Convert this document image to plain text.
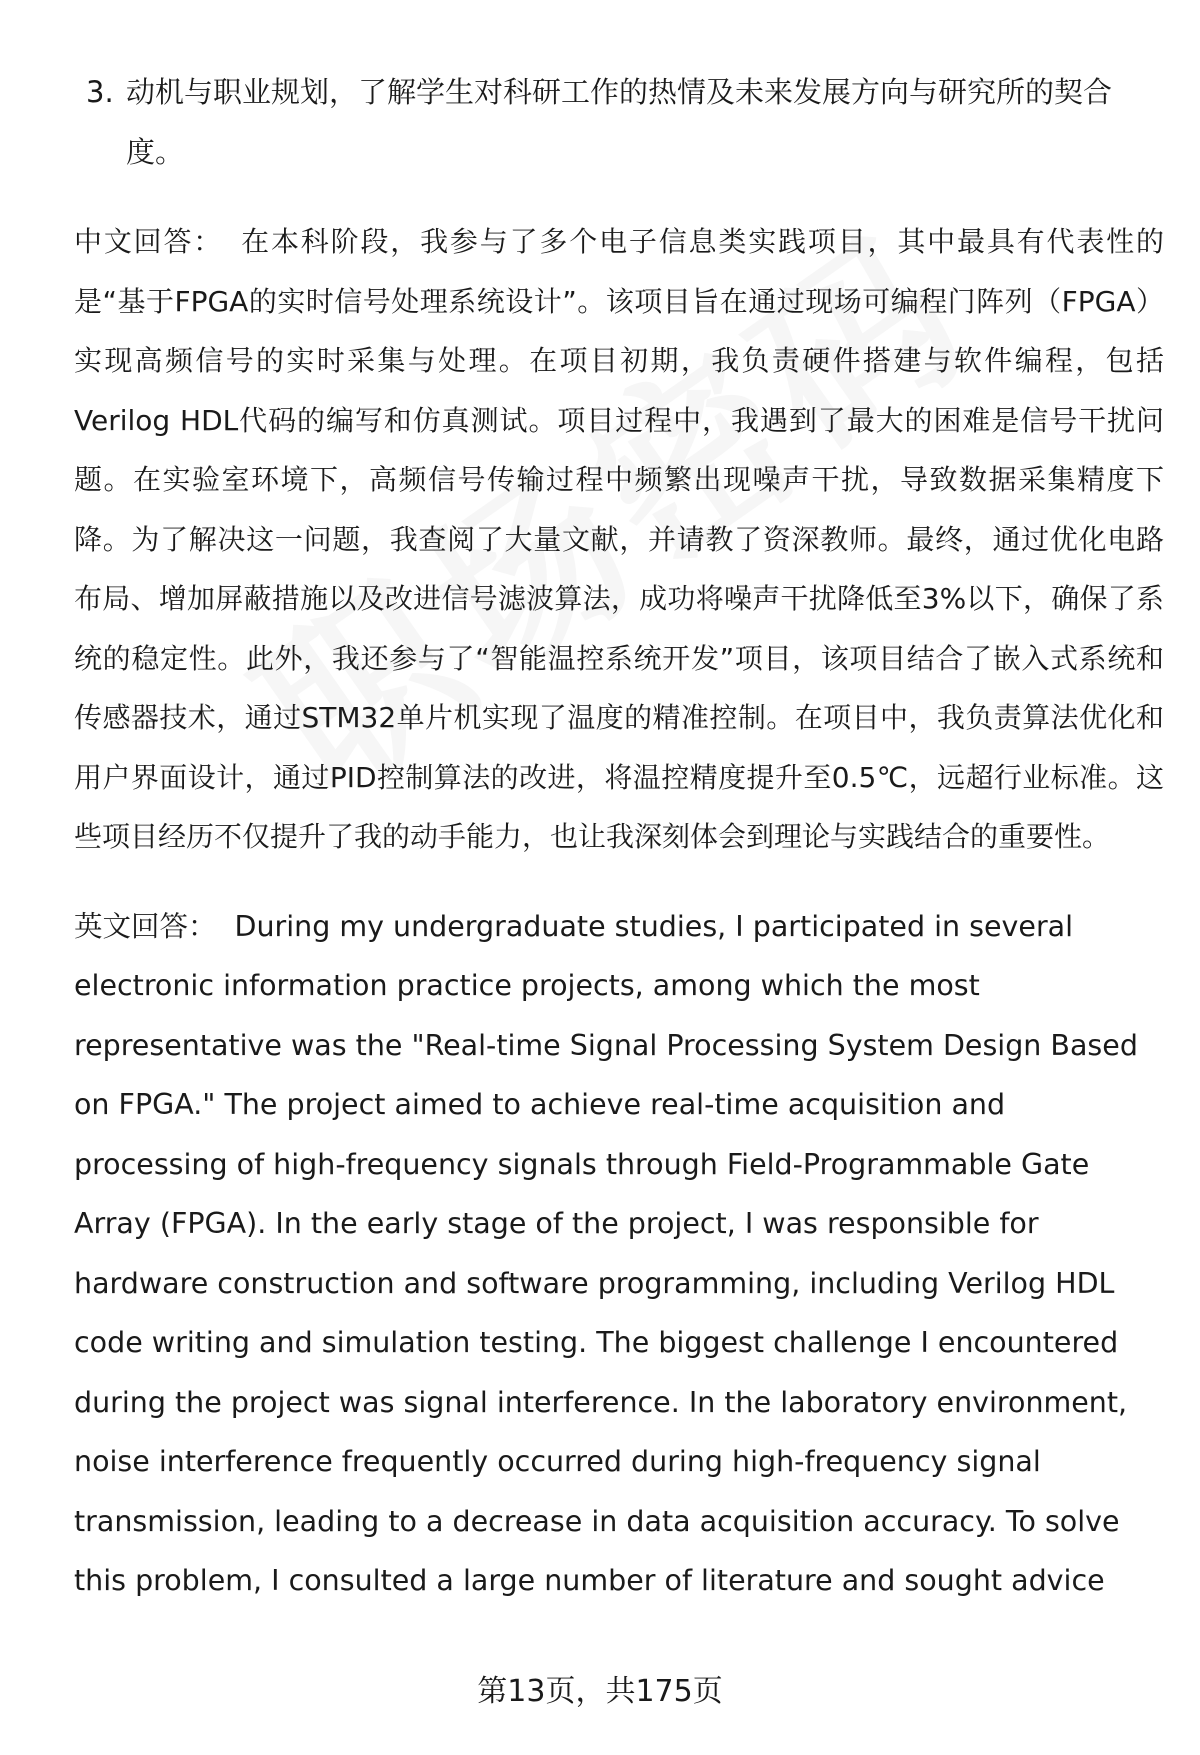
3. 动机与职业规划，了解学生对科研工作的热情及未来发展方向与研究所的契合度。
中文回答： 在本科阶段，我参与了多个电子信息类实践项目，其中最具有代表性的是“基于FPGA的实时信号处理系统设计”。该项目旨在通过现场可编程门阵列（FPGA）实现高频信号的实时采集与处理。在项目初期，我负责硬件搭建与软件编程，包括Verilog HDL代码的编写和仿真测试。项目过程中，我遇到了最大的困难是信号干扰问题。在实验室环境下，高频信号传输过程中频繁出现噪声干扰，导致数据采集精度下降。为了解决这一问题，我查阅了大量文献，并请教了资深教师。最终，通过优化电路布局、增加屏蔽措施以及改进信号滤波算法，成功将噪声干扰降低至3%以下，确保了系统的稳定性。此外，我还参与了“智能温控系统开发”项目，该项目结合了嵌入式系统和传感器技术，通过STM32单片机实现了温度的精准控制。在项目中，我负责算法优化和用户界面设计，通过PID控制算法的改进，将温控精度提升至0.5℃，远超行业标准。这些项目经历不仅提升了我的动手能力，也让我深刻体会到理论与实践结合的重要性。
英文回答： During my undergraduate studies, I participated in several electronic information practice projects, among which the most representative was the "Real-time Signal Processing System Design Based on FPGA." The project aimed to achieve real-time acquisition and processing of high-frequency signals through Field-Programmable Gate Array (FPGA). In the early stage of the project, I was responsible for hardware construction and software programming, including Verilog HDL code writing and simulation testing. The biggest challenge I encountered during the project was signal interference. In the laboratory environment, noise interference frequently occurred during high-frequency signal transmission, leading to a decrease in data acquisition accuracy. To solve this problem, I consulted a large number of literature and sought advice
第13页，共175页
